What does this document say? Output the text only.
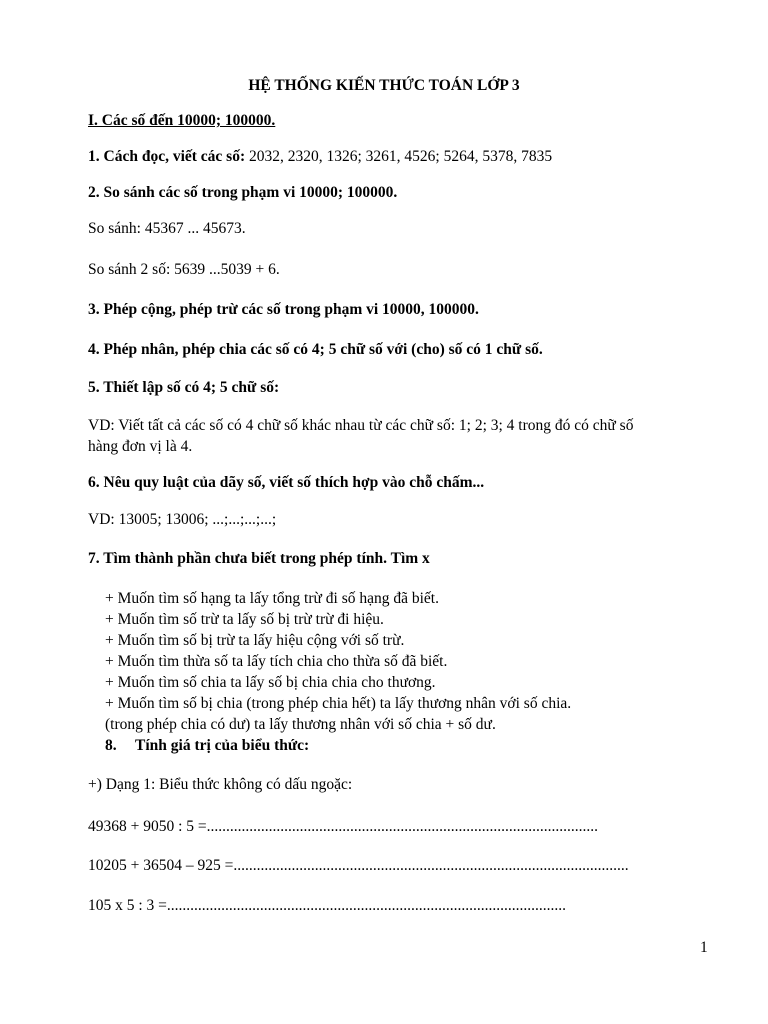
HỆ THỐNG KIẾN THỨC TOÁN LỚP 3
I. Các số đến 10000; 100000.
1. Cách đọc, viết các số: 2032, 2320, 1326; 3261, 4526; 5264, 5378, 7835
2. So sánh các số trong phạm vi 10000; 100000.
So sánh: 45367 ... 45673.
So sánh 2 số: 5639 ...5039 + 6.
3. Phép cộng, phép trừ các số trong phạm vi 10000, 100000.
4. Phép nhân, phép chia các số có 4; 5 chữ số với (cho) số có 1 chữ số.
5. Thiết lập số có 4; 5 chữ số:
VD: Viết tất cả các số có 4 chữ số khác nhau từ các chữ số: 1; 2; 3; 4 trong đó có chữ số
hàng đơn vị là 4.
6. Nêu quy luật của dãy số, viết số thích hợp vào chỗ chấm...
VD: 13005; 13006; ...;...;...;...;
7. Tìm thành phần chưa biết trong phép tính. Tìm x
+ Muốn tìm số hạng ta lấy tổng trừ đi số hạng đã biết.
+ Muốn tìm số trừ ta lấy số bị trừ trừ đi hiệu.
+ Muốn tìm số bị trừ ta lấy hiệu cộng với số trừ.
+ Muốn tìm thừa số ta lấy tích chia cho thừa số đã biết.
+ Muốn tìm số chia ta lấy số bị chia chia cho thương.
+ Muốn tìm số bị chia (trong phép chia hết) ta lấy thương nhân với số chia.
(trong phép chia có dư) ta lấy thương nhân với số chia + số dư.
8. Tính giá trị của biểu thức:
+) Dạng 1: Biểu thức không có dấu ngoặc:
49368 + 9050 : 5 =.....................................................................................................
10205 + 36504 – 925 =......................................................................................................
105 x 5 : 3 =.......................................................................................................
1
